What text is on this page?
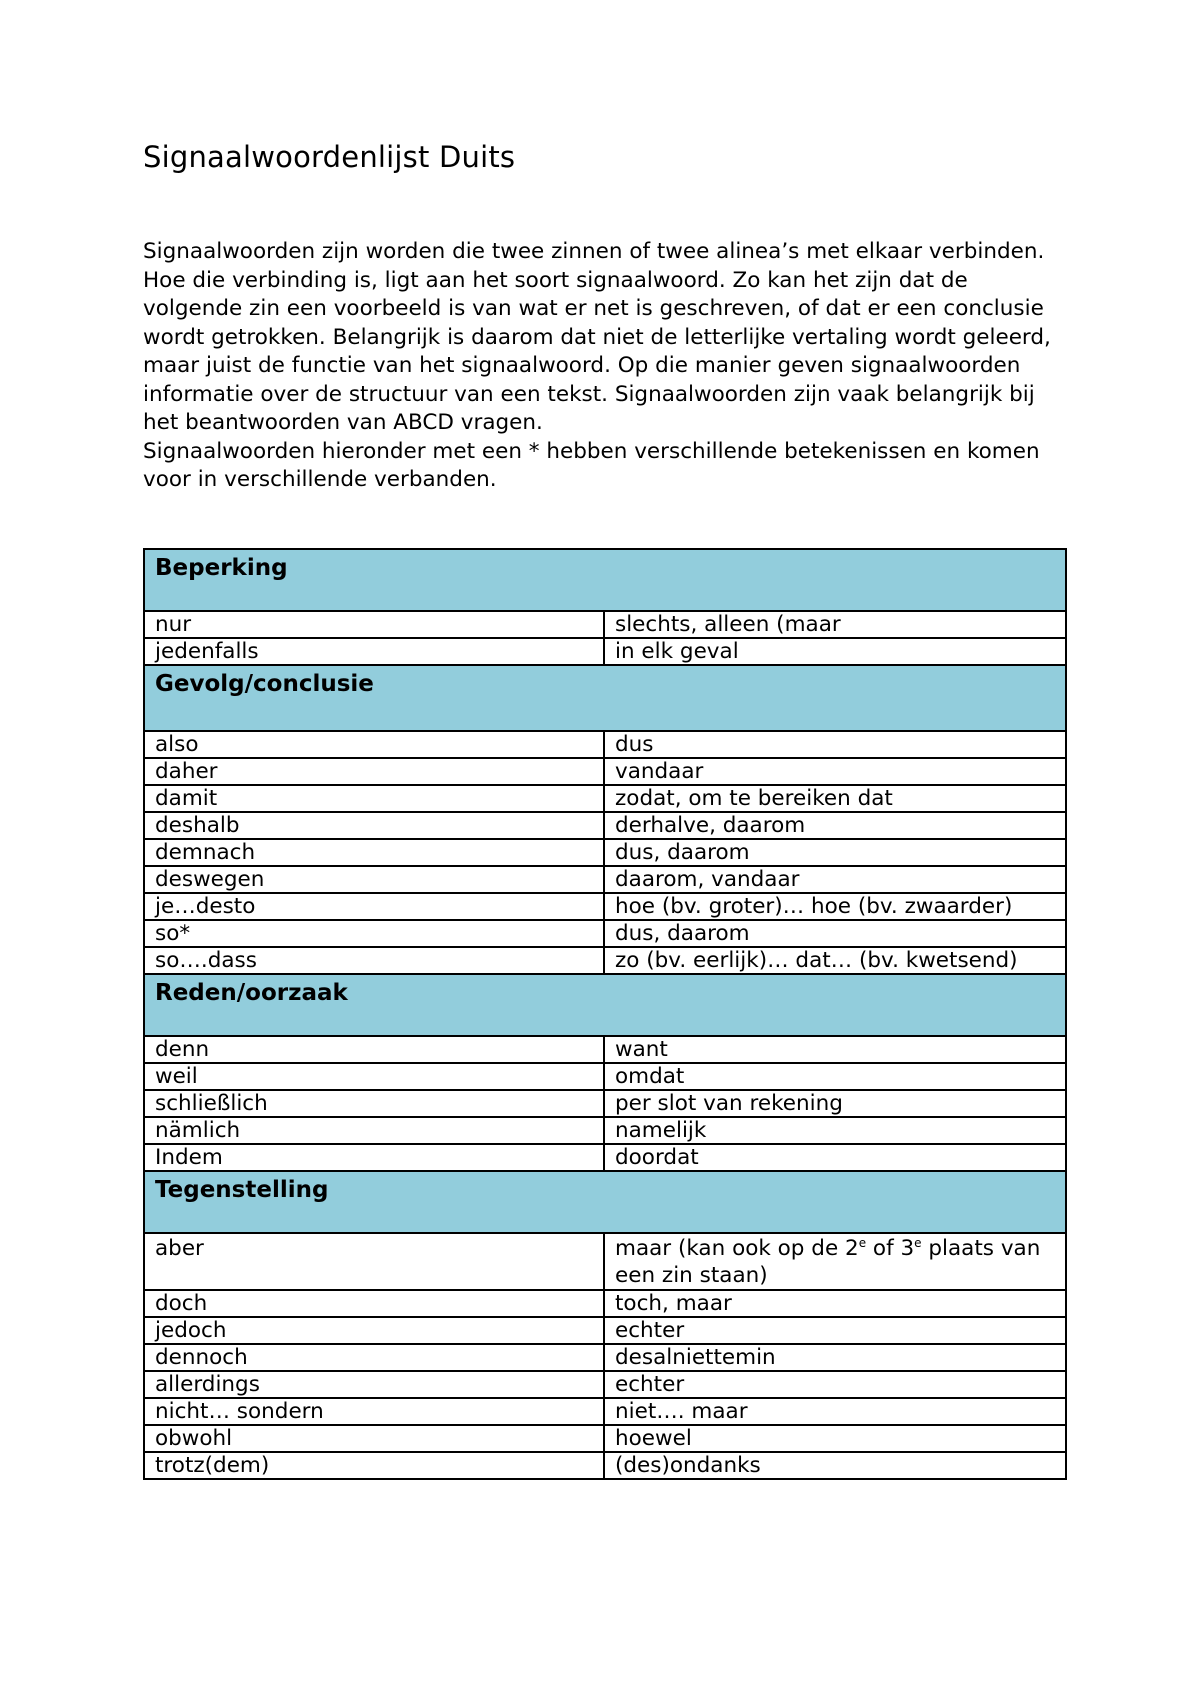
Signaalwoordenlijst Duits

Signaalwoorden zijn worden die twee zinnen of twee alinea’s met elkaar verbinden. Hoe die verbinding is, ligt aan het soort signaalwoord. Zo kan het zijn dat de volgende zin een voorbeeld is van wat er net is geschreven, of dat er een conclusie wordt getrokken. Belangrijk is daarom dat niet de letterlijke vertaling wordt geleerd, maar juist de functie van het signaalwoord. Op die manier geven signaalwoorden informatie over de structuur van een tekst. Signaalwoorden zijn vaak belangrijk bij het beantwoorden van ABCD vragen.

Signaalwoorden hieronder met een * hebben verschillende betekenissen en komen voor in verschillende verbanden.

Beperking	
nur	slechts, alleen (maar
jedenfalls	in elk geval
Gevolg/conclusie	
also	dus
daher	vandaar
damit	zodat, om te bereiken dat
deshalb	derhalve, daarom
demnach	dus, daarom
deswegen	daarom, vandaar
je…desto	hoe (bv. groter)… hoe (bv. zwaarder)
so*	dus, daarom
so….dass	zo (bv. eerlijk)… dat… (bv. kwetsend)
Reden/oorzaak	
denn	want
weil	omdat
schließlich	per slot van rekening
nämlich	namelijk
Indem	doordat
Tegenstelling	
aber	maar (kan ook op de 2e of 3e plaats van een zin staan)
doch	toch, maar
jedoch	echter
dennoch	desalniettemin
allerdings	echter
nicht… sondern	niet…. maar
obwohl	hoewel
trotz(dem)	(des)ondanks
